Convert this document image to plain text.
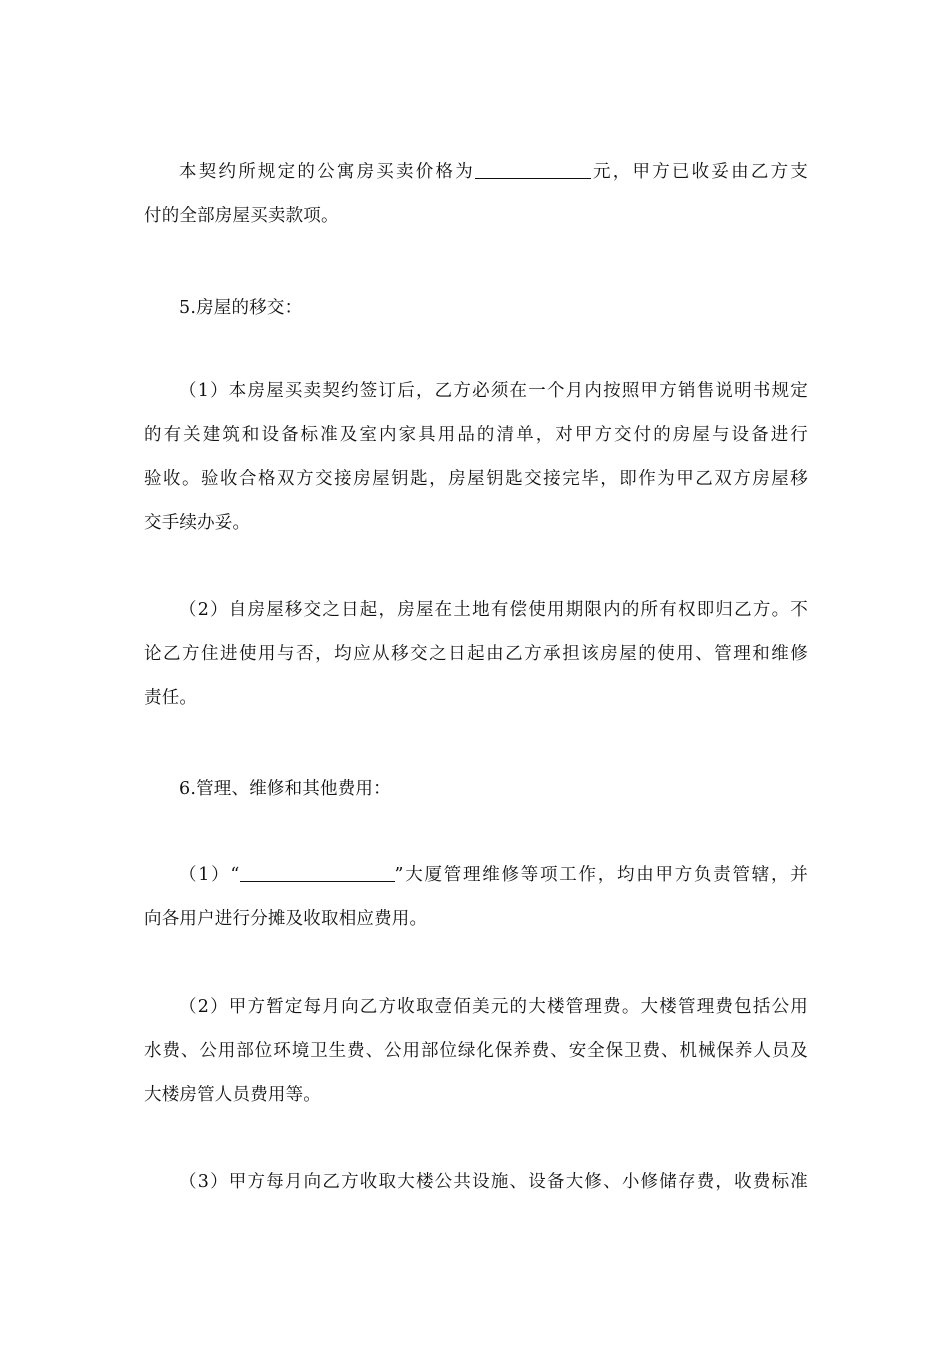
本契约所规定的公寓房买卖价格为	元，甲方已收妥由乙方支
付的全部房屋买卖款项。
5.房屋的移交：
（1）本房屋买卖契约签订后，乙方必须在一个月内按照甲方销售说明书规定
的有关建筑和设备标准及室内家具用品的清单，对甲方交付的房屋与设备进行
验收。验收合格双方交接房屋钥匙，房屋钥匙交接完毕，即作为甲乙双方房屋移
交手续办妥。
（2）自房屋移交之日起，房屋在土地有偿使用期限内的所有权即归乙方。不
论乙方住进使用与否，均应从移交之日起由乙方承担该房屋的使用、管理和维修
责任。
6.管理、维修和其他费用：
（1）“	”大厦管理维修等项工作，均由甲方负责管辖，并
向各用户进行分摊及收取相应费用。
（2）甲方暂定每月向乙方收取壹佰美元的大楼管理费。大楼管理费包括公用
水费、公用部位环境卫生费、公用部位绿化保养费、安全保卫费、机械保养人员及
大楼房管人员费用等。
（3）甲方每月向乙方收取大楼公共设施、设备大修、小修储存费，收费标准
